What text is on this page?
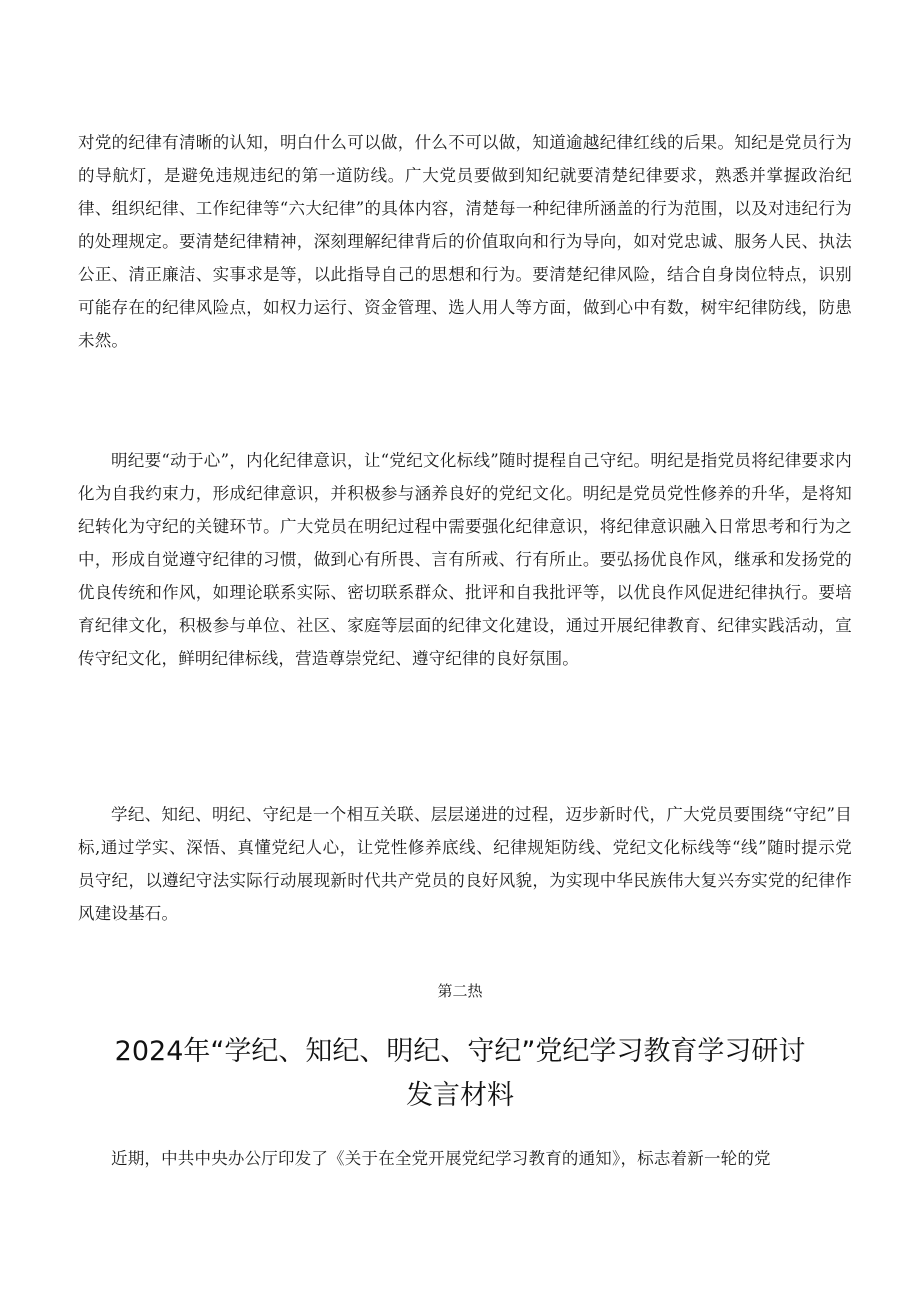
对党的纪律有清晰的认知，明白什么可以做，什么不可以做，知道逾越纪律红线的后果。知纪是党员行为的导航灯，是避免违规违纪的第一道防线。广大党员要做到知纪就要清楚纪律要求，熟悉并掌握政治纪律、组织纪律、工作纪律等“六大纪律”的具体内容，清楚每一种纪律所涵盖的行为范围，以及对违纪行为的处理规定。要清楚纪律精神，深刻理解纪律背后的价值取向和行为导向，如对党忠诚、服务人民、执法公正、清正廉洁、实事求是等，以此指导自己的思想和行为。要清楚纪律风险，结合自身岗位特点，识别可能存在的纪律风险点，如权力运行、资金管理、选人用人等方面，做到心中有数，树牢纪律防线，防患未然。

明纪要“动于心”，内化纪律意识，让“党纪文化标线”随时提程自己守纪。明纪是指党员将纪律要求内化为自我约束力，形成纪律意识，并积极参与涵养良好的党纪文化。明纪是党员党性修养的升华，是将知纪转化为守纪的关键环节。广大党员在明纪过程中需要强化纪律意识，将纪律意识融入日常思考和行为之中，形成自觉遵守纪律的习惯，做到心有所畏、言有所戒、行有所止。要弘扬优良作风，继承和发扬党的优良传统和作风，如理论联系实际、密切联系群众、批评和自我批评等，以优良作风促进纪律执行。要培育纪律文化，积极参与单位、社区、家庭等层面的纪律文化建设，通过开展纪律教育、纪律实践活动，宣传守纪文化，鲜明纪律标线，营造尊崇党纪、遵守纪律的良好氛围。

学纪、知纪、明纪、守纪是一个相互关联、层层递进的过程，迈步新时代，广大党员要围绕“守纪”目标,通过学实、深悟、真懂党纪人心，让党性修养底线、纪律规矩防线、党纪文化标线等“线”随时提示党员守纪，以遵纪守法实际行动展现新时代共产党员的良好风貌，为实现中华民族伟大复兴夯实党的纪律作风建设基石。

第二热

2024年“学纪、知纪、明纪、守纪”党纪学习教育学习研讨
发言材料

近期，中共中央办公厅印发了《关于在全党开展党纪学习教育的通知》，标志着新一轮的党
